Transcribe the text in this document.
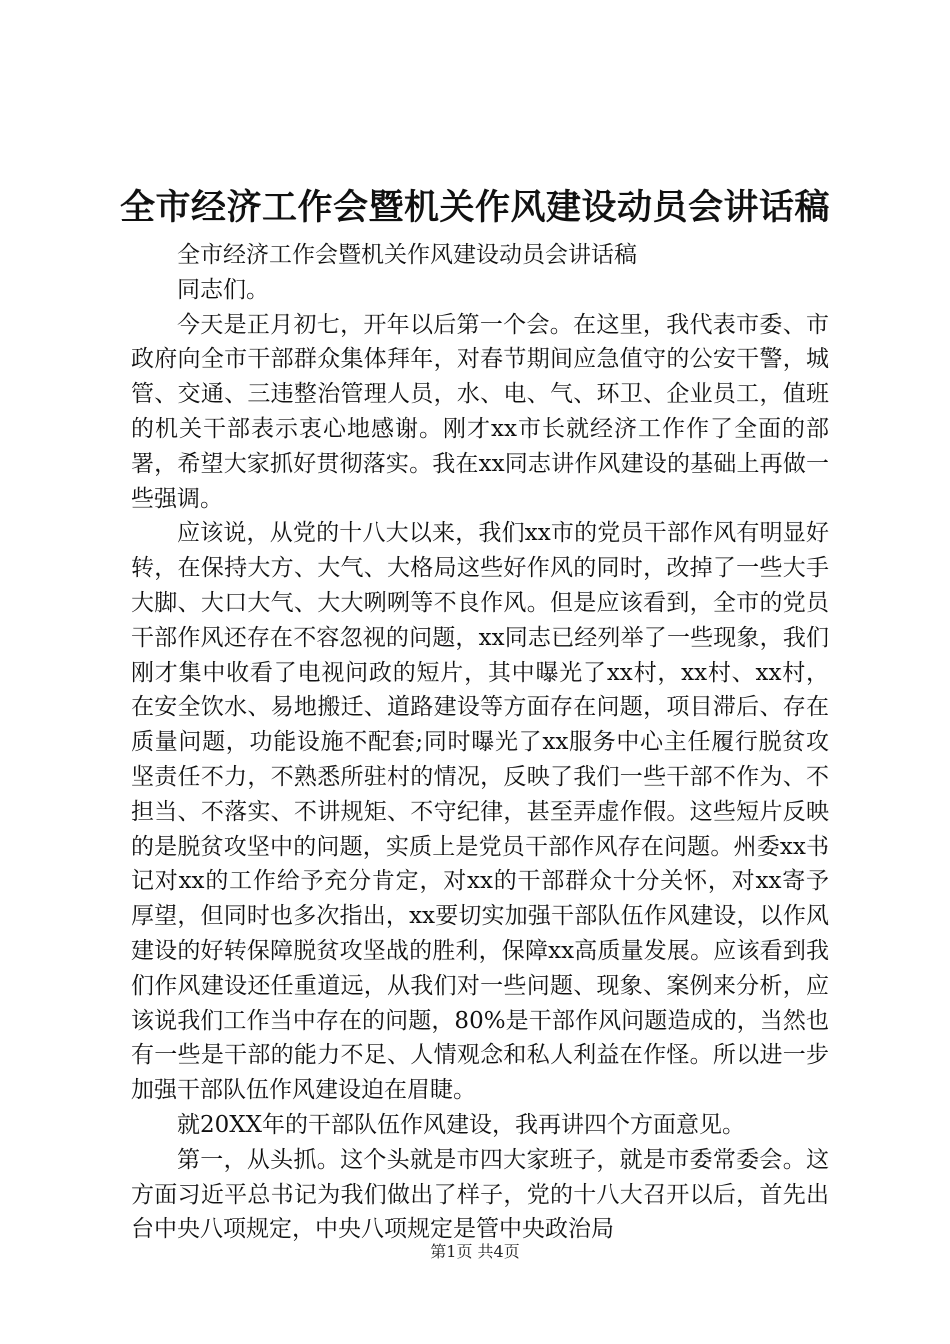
全市经济工作会暨机关作风建设动员会讲话稿

全市经济工作会暨机关作风建设动员会讲话稿

同志们。

今天是正月初七，开年以后第一个会。在这里，我代表市委、市政府向全市干部群众集体拜年，对春节期间应急值守的公安干警，城管、交通、三违整治管理人员，水、电、气、环卫、企业员工，值班的机关干部表示衷心地感谢。刚才xx市长就经济工作作了全面的部署，希望大家抓好贯彻落实。我在xx同志讲作风建设的基础上再做一些强调。

应该说，从党的十八大以来，我们xx市的党员干部作风有明显好转，在保持大方、大气、大格局这些好作风的同时，改掉了一些大手大脚、大口大气、大大咧咧等不良作风。但是应该看到，全市的党员干部作风还存在不容忽视的问题，xx同志已经列举了一些现象，我们刚才集中收看了电视问政的短片，其中曝光了xx村，xx村、xx村，在安全饮水、易地搬迁、道路建设等方面存在问题，项目滞后、存在质量问题，功能设施不配套;同时曝光了xx服务中心主任履行脱贫攻坚责任不力，不熟悉所驻村的情况，反映了我们一些干部不作为、不担当、不落实、不讲规矩、不守纪律，甚至弄虚作假。这些短片反映的是脱贫攻坚中的问题，实质上是党员干部作风存在问题。州委xx书记对xx的工作给予充分肯定，对xx的干部群众十分关怀，对xx寄予厚望，但同时也多次指出，xx要切实加强干部队伍作风建设，以作风建设的好转保障脱贫攻坚战的胜利，保障xx高质量发展。应该看到我们作风建设还任重道远，从我们对一些问题、现象、案例来分析，应该说我们工作当中存在的问题，80%是干部作风问题造成的，当然也有一些是干部的能力不足、人情观念和私人利益在作怪。所以进一步加强干部队伍作风建设迫在眉睫。

就20XX年的干部队伍作风建设，我再讲四个方面意见。

第一，从头抓。这个头就是市四大家班子，就是市委常委会。这方面习近平总书记为我们做出了样子，党的十八大召开以后，首先出台中央八项规定，中央八项规定是管中央政治局

第1页 共4页
